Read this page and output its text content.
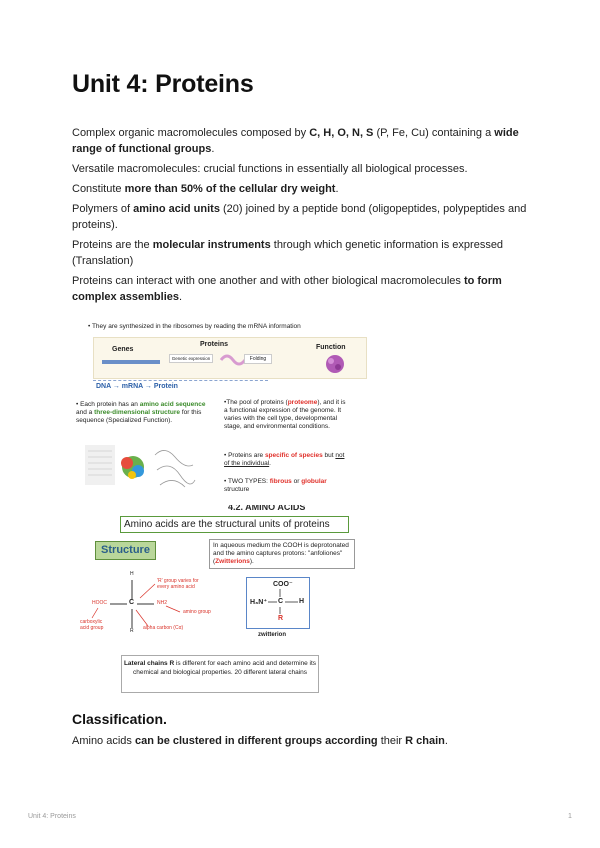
Unit 4: Proteins

Complex organic macromolecules composed by C, H, O, N, S (P, Fe, Cu) containing a wide range of functional groups.

Versatile macromolecules: crucial functions in essentially all biological processes.

Constitute more than 50% of the cellular dry weight.

Polymers of amino acid units (20) joined by a peptide bond (oligopeptides, polypeptides and proteins).

Proteins are the molecular instruments through which genetic information is expressed (Translation)

Proteins can interact with one another and with other biological macromolecules to form complex assemblies.

• They are synthesized in the ribosomes by reading the mRNA information
Genes
Genetic expression
Proteins
Folding
Function
DNA → mRNA → Protein
• Each protein has an amino acid sequence and a three-dimensional structure for this sequence (Specialized Function).
•The pool of proteins (proteome), and it is a functional expression of the genome. It varies with the cell type, developmental stage, and environmental conditions.
• Proteins are specific of species but not of the individual.
• TWO TYPES: fibrous or globular structure
4.2. AMINO ACIDS
Amino acids are the structural units of proteins
Structure	In aqueous medium the COOH is deprotonated and the amino captures protons: "anfoliones" (Zwitterions).
H
C
HOOC	NH2
R
'R' group varies for every amino acid
amino group
carboxylic acid group	alpha carbon (Cα)
COO⁻
H₃N⁺ C H
R
zwitterion
Lateral chains R is different for each amino acid and determine its chemical and biological properties. 20 different lateral chains
Classification.

Amino acids can be clustered in different groups according their R chain.

Unit 4: Proteins	1
